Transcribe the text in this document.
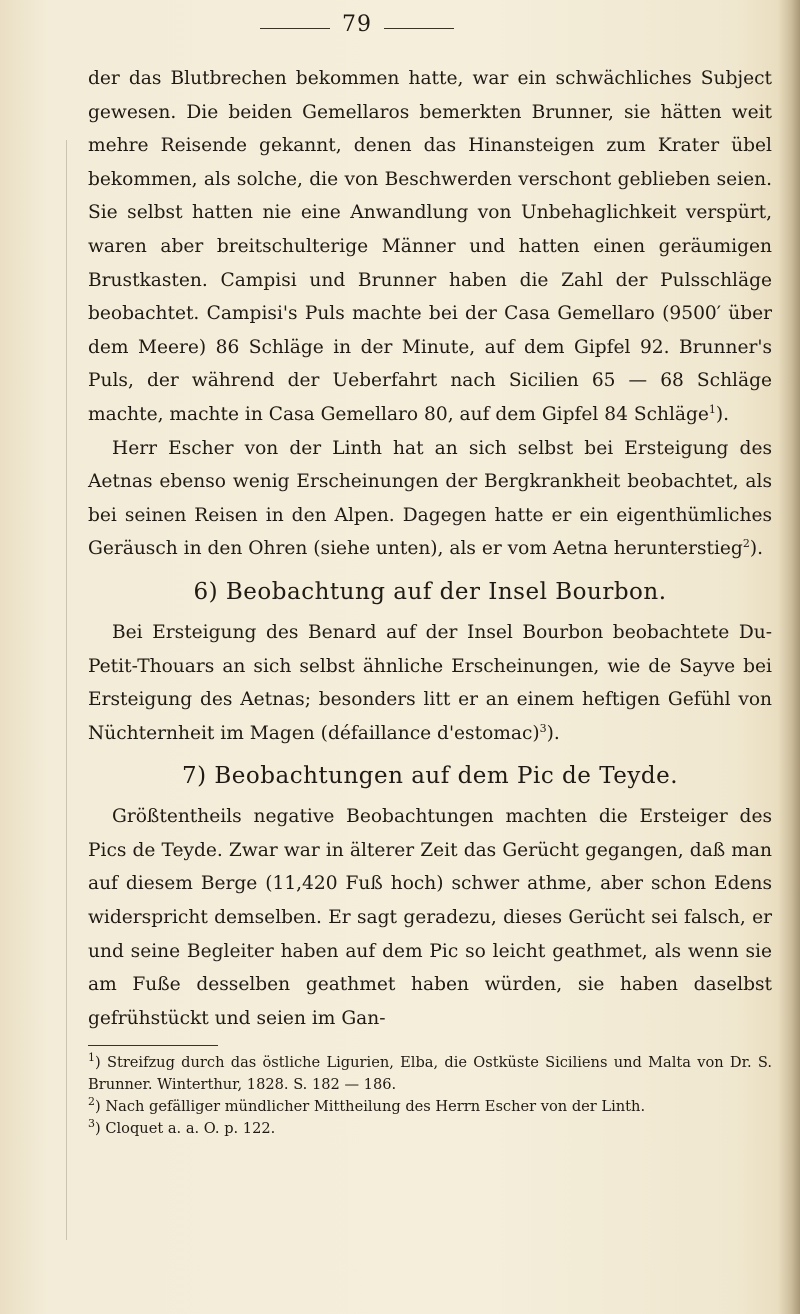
79

der das Blutbrechen bekommen hatte, war ein schwächliches Subject gewesen. Die beiden Gemellaros bemerkten Brunner, sie hätten weit mehre Reisende gekannt, denen das Hinansteigen zum Krater übel bekommen, als solche, die von Beschwerden verschont geblieben seien. Sie selbst hatten nie eine Anwandlung von Unbehaglichkeit verspürt, waren aber breitschulterige Männer und hatten einen geräumigen Brustkasten. Campisi und Brunner haben die Zahl der Pulsschläge beobachtet. Campisi's Puls machte bei der Casa Gemellaro (9500′ über dem Meere) 86 Schläge in der Minute, auf dem Gipfel 92. Brunner's Puls, der während der Ueberfahrt nach Sicilien 65 — 68 Schläge machte, machte in Casa Gemellaro 80, auf dem Gipfel 84 Schläge$^1$).

Herr Escher von der Linth hat an sich selbst bei Ersteigung des Aetnas ebenso wenig Erscheinungen der Bergkrankheit beobachtet, als bei seinen Reisen in den Alpen. Dagegen hatte er ein eigenthümliches Geräusch in den Ohren (siehe unten), als er vom Aetna herunterstieg$^2$).

6) Beobachtung auf der Insel Bourbon.

Bei Ersteigung des Benard auf der Insel Bourbon beobachtete Du-Petit-Thouars an sich selbst ähnliche Erscheinungen, wie de Sayve bei Ersteigung des Aetnas; besonders litt er an einem heftigen Gefühl von Nüchternheit im Magen (défaillance d'estomac)$^3$).

7) Beobachtungen auf dem Pic de Teyde.

Größtentheils negative Beobachtungen machten die Ersteiger des Pics de Teyde. Zwar war in älterer Zeit das Gerücht gegangen, daß man auf diesem Berge (11,420 Fuß hoch) schwer athme, aber schon Edens widerspricht demselben. Er sagt geradezu, dieses Gerücht sei falsch, er und seine Begleiter haben auf dem Pic so leicht geathmet, als wenn sie am Fuße desselben geathmet haben würden, sie haben daselbst gefrühstückt und seien im Gan-

$^1$) Streifzug durch das östliche Ligurien, Elba, die Ostküste Siciliens und Malta von Dr. S. Brunner. Winterthur, 1828. S. 182 — 186.

$^2$) Nach gefälliger mündlicher Mittheilung des Herrn Escher von der Linth.

$^3$) Cloquet a. a. O. p. 122.
